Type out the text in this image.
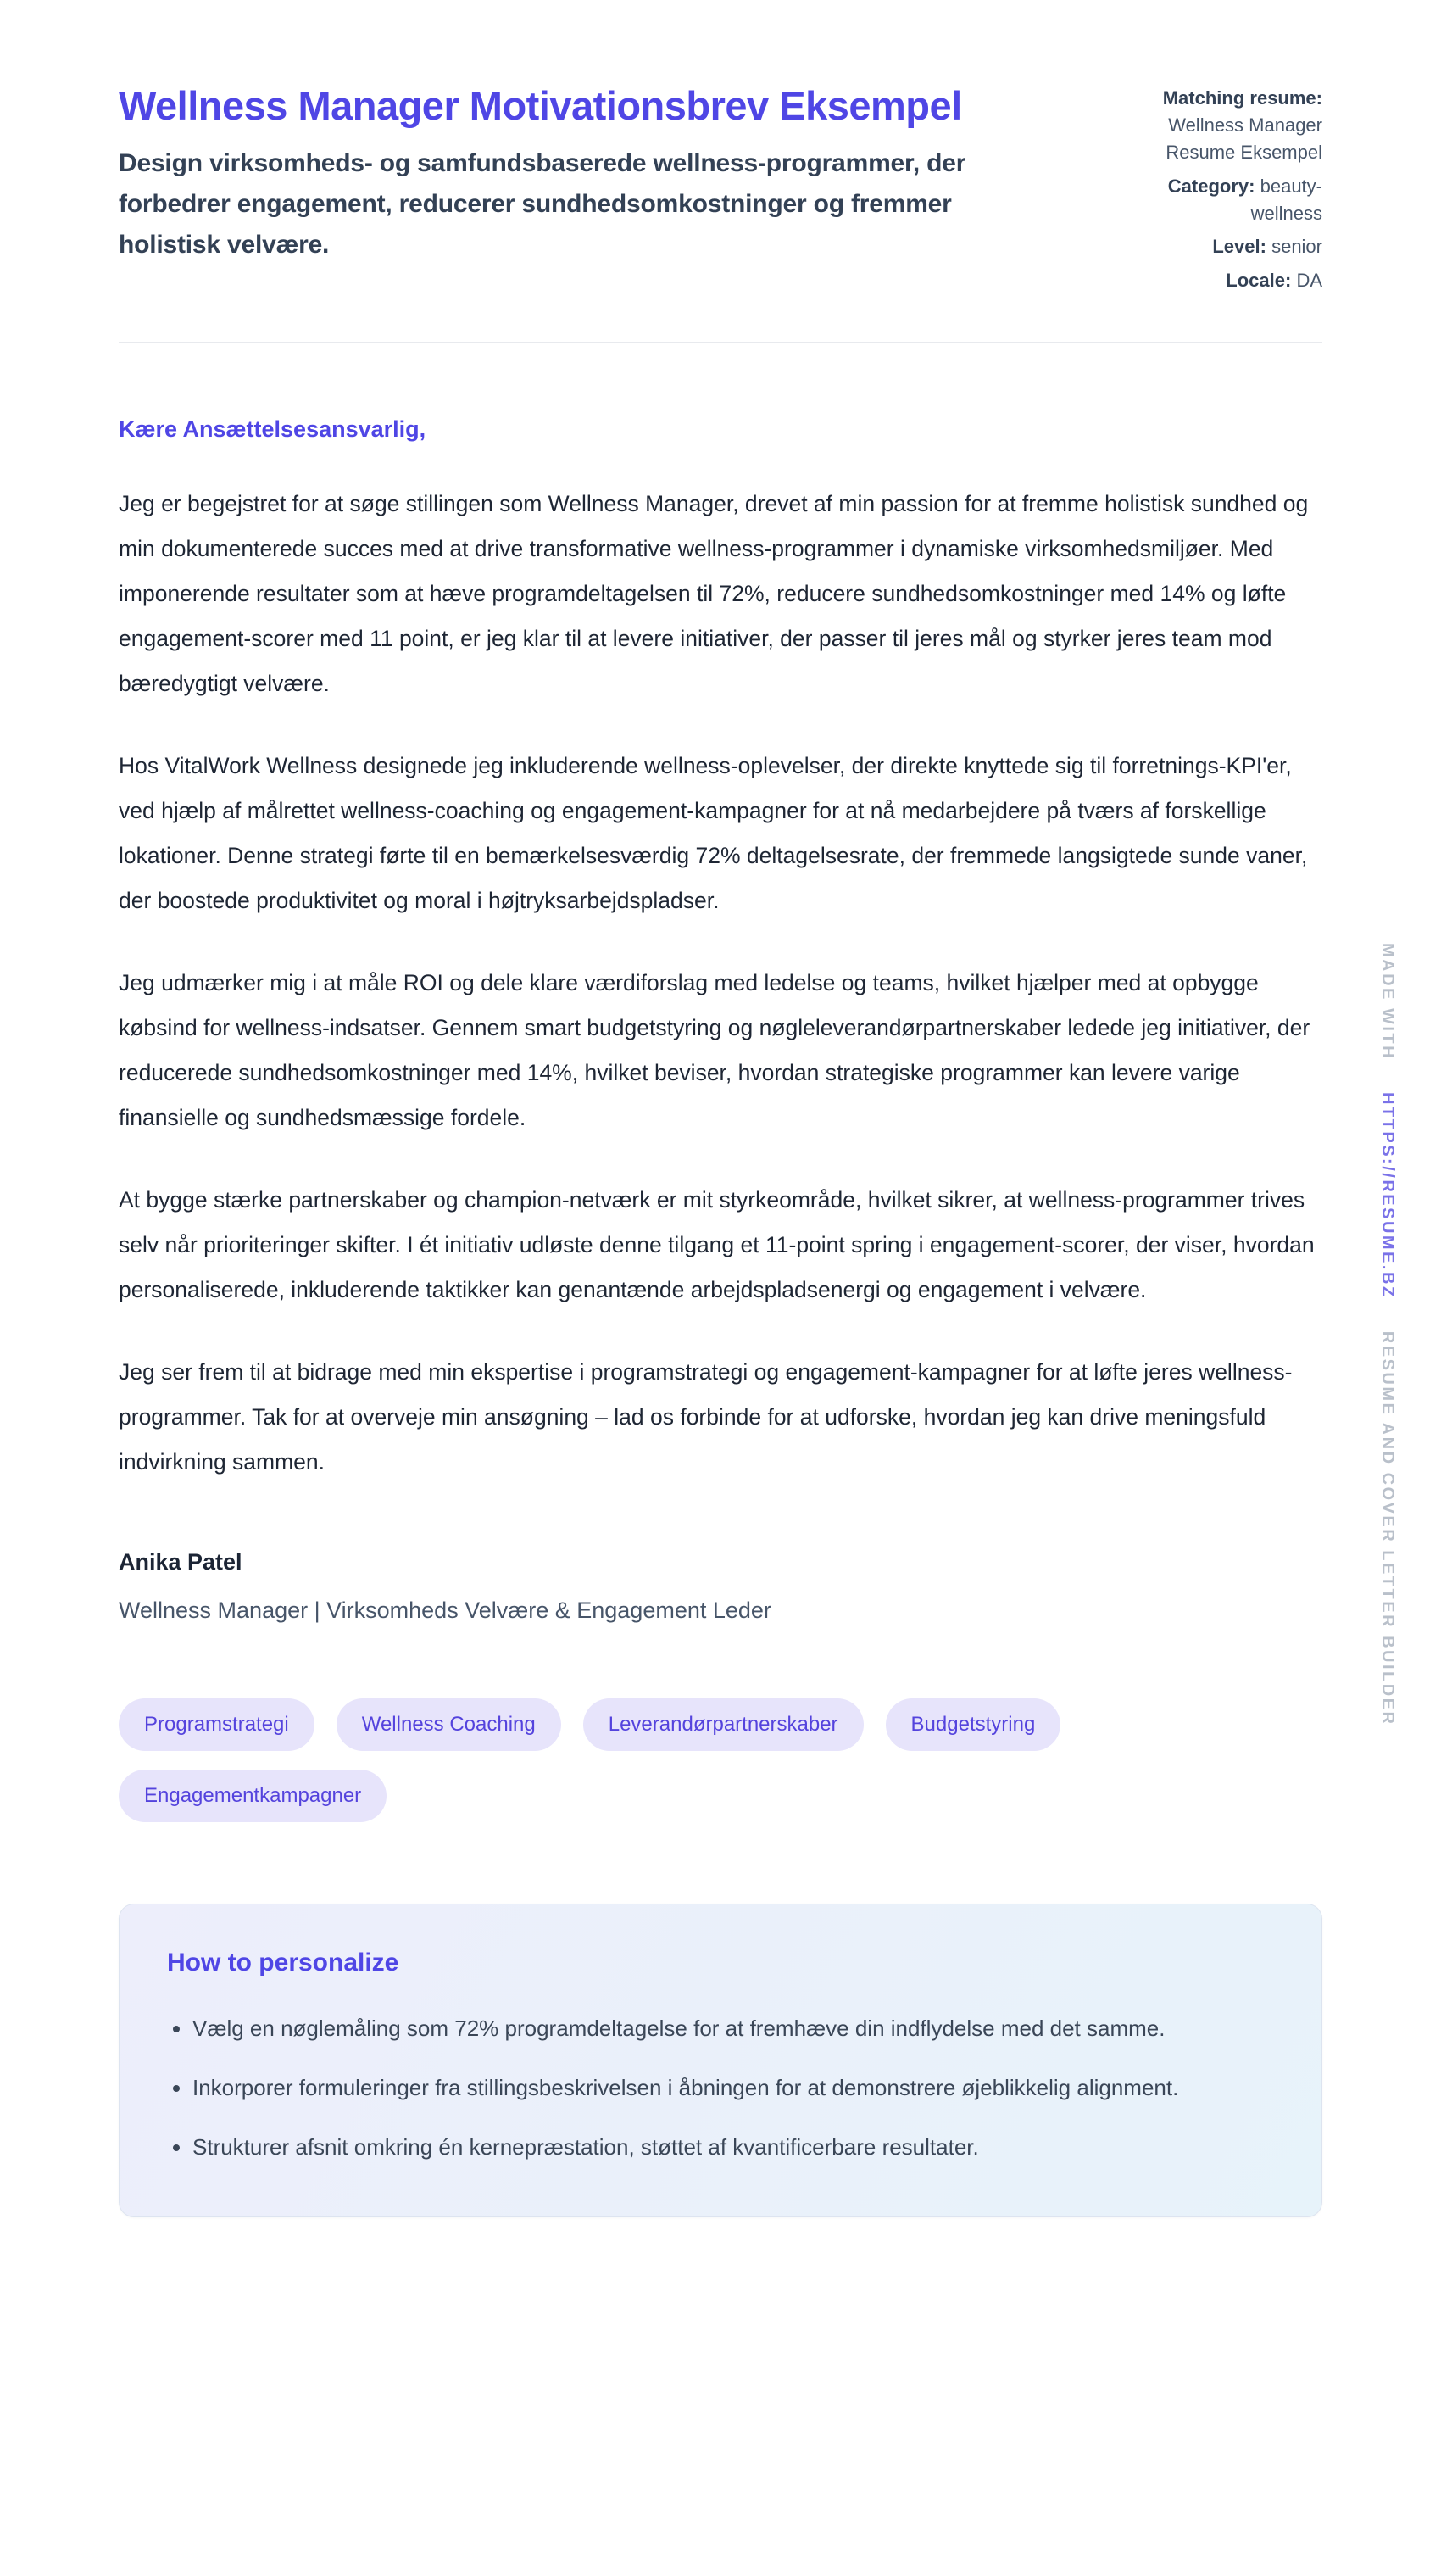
Wellness Manager Motivationsbrev Eksempel
Design virksomheds- og samfundsbaserede wellness-programmer, der forbedrer engagement, reducerer sundhedsomkostninger og fremmer holistisk velvære.
Matching resume: Wellness Manager Resume Eksempel
Category: beauty-wellness
Level: senior
Locale: DA
Kære Ansættelsesansvarlig,

Jeg er begejstret for at søge stillingen som Wellness Manager, drevet af min passion for at fremme holistisk sundhed og min dokumenterede succes med at drive transformative wellness-programmer i dynamiske virksomhedsmiljøer. Med imponerende resultater som at hæve programdeltagelsen til 72%, reducere sundhedsomkostninger med 14% og løfte engagement-scorer med 11 point, er jeg klar til at levere initiativer, der passer til jeres mål og styrker jeres team mod bæredygtigt velvære.

Hos VitalWork Wellness designede jeg inkluderende wellness-oplevelser, der direkte knyttede sig til forretnings-KPI'er, ved hjælp af målrettet wellness-coaching og engagement-kampagner for at nå medarbejdere på tværs af forskellige lokationer. Denne strategi førte til en bemærkelsesværdig 72% deltagelsesrate, der fremmede langsigtede sunde vaner, der boostede produktivitet og moral i højtryksarbejdspladser.

Jeg udmærker mig i at måle ROI og dele klare værdiforslag med ledelse og teams, hvilket hjælper med at opbygge købsind for wellness-indsatser. Gennem smart budgetstyring og nøgleleverandørpartnerskaber ledede jeg initiativer, der reducerede sundhedsomkostninger med 14%, hvilket beviser, hvordan strategiske programmer kan levere varige finansielle og sundhedsmæssige fordele.

At bygge stærke partnerskaber og champion-netværk er mit styrkeområde, hvilket sikrer, at wellness-programmer trives selv når prioriteringer skifter. I ét initiativ udløste denne tilgang et 11-point spring i engagement-scorer, der viser, hvordan personaliserede, inkluderende taktikker kan genantænde arbejdspladsenergi og engagement i velvære.

Jeg ser frem til at bidrage med min ekspertise i programstrategi og engagement-kampagner for at løfte jeres wellness-programmer. Tak for at overveje min ansøgning – lad os forbinde for at udforske, hvordan jeg kan drive meningsfuld indvirkning sammen.

Anika Patel
Wellness Manager | Virksomheds Velvære & Engagement Leder
Programstrategi	Wellness Coaching	Leverandørpartnerskaber	Budgetstyring
Engagementkampagner
How to personalize
• Vælg en nøglemåling som 72% programdeltagelse for at fremhæve din indflydelse med det samme.
• Inkorporer formuleringer fra stillingsbeskrivelsen i åbningen for at demonstrere øjeblikkelig alignment.
• Strukturer afsnit omkring én kernepræstation, støttet af kvantificerbare resultater.
MADE WITH HTTPS://RESUME.BZ RESUME AND COVER LETTER BUILDER
